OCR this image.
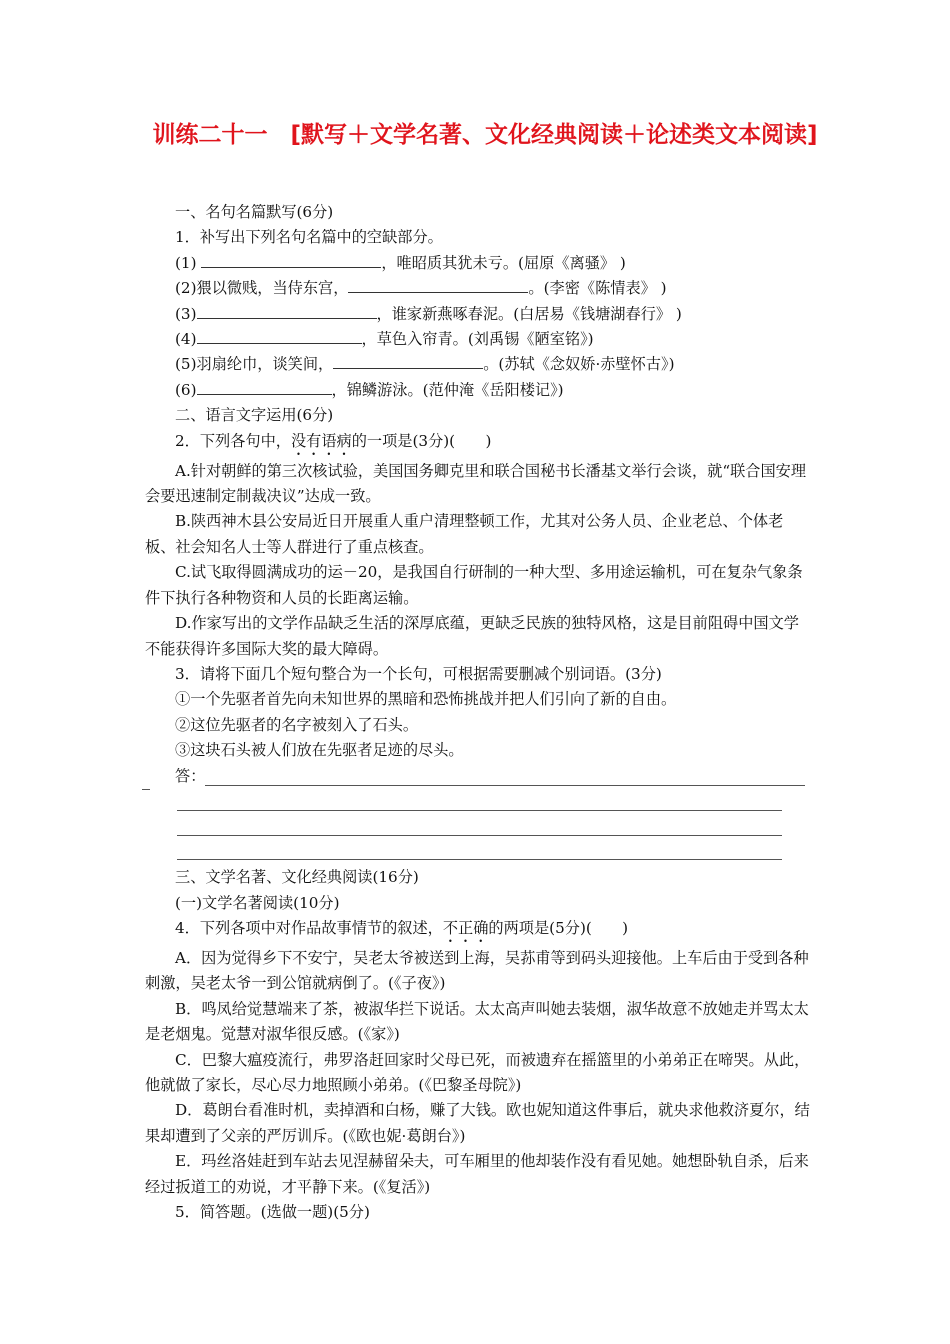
训练二十一　[默写＋文学名著、文化经典阅读＋论述类文本阅读]

一、名句名篇默写(6分)

1．补写出下列名句名篇中的空缺部分。

(1)	，唯昭质其犹未亏。(屈原《离骚》 )

(2)猥以微贱，当侍东宫，	。(李密《陈情表》 )

(3)	，谁家新燕啄春泥。(白居易《钱塘湖春行》 )

(4)	，草色入帘青。(刘禹锡《陋室铭》)

(5)羽扇纶巾，谈笑间，	。(苏轼《念奴娇·赤壁怀古》)

(6)	，锦鳞游泳。(范仲淹《岳阳楼记》)

二、语言文字运用(6分)

2．下列各句中，没有语病的一项是(3分)(　　)

A.针对朝鲜的第三次核试验，美国国务卿克里和联合国秘书长潘基文举行会谈，就“联合国安理会要迅速制定制裁决议”达成一致。

B.陕西神木县公安局近日开展重人重户清理整顿工作，尤其对公务人员、企业老总、个体老板、社会知名人士等人群进行了重点核查。

C.试飞取得圆满成功的运－20，是我国自行研制的一种大型、多用途运输机，可在复杂气象条件下执行各种物资和人员的长距离运输。

D.作家写出的文学作品缺乏生活的深厚底蕴，更缺乏民族的独特风格，这是目前阻碍中国文学不能获得许多国际大奖的最大障碍。

3．请将下面几个短句整合为一个长句，可根据需要删减个别词语。(3分)

①一个先驱者首先向未知世界的黑暗和恐怖挑战并把人们引向了新的自由。

②这位先驱者的名字被刻入了石头。

③这块石头被人们放在先驱者足迹的尽头。

答：

三、文学名著、文化经典阅读(16分)

(一)文学名著阅读(10分)

4．下列各项中对作品故事情节的叙述，不正确的两项是(5分)(　　)

A．因为觉得乡下不安宁，吴老太爷被送到上海，吴荪甫等到码头迎接他。上车后由于受到各种刺激，吴老太爷一到公馆就病倒了。(《子夜》)

B．鸣凤给觉慧端来了茶，被淑华拦下说话。太太高声叫她去装烟，淑华故意不放她走并骂太太是老烟鬼。觉慧对淑华很反感。(《家》)

C．巴黎大瘟疫流行，弗罗洛赶回家时父母已死，而被遗弃在摇篮里的小弟弟正在啼哭。从此，他就做了家长，尽心尽力地照顾小弟弟。(《巴黎圣母院》)

D．葛朗台看准时机，卖掉酒和白杨，赚了大钱。欧也妮知道这件事后，就央求他救济夏尔，结果却遭到了父亲的严厉训斥。(《欧也妮·葛朗台》)

E．玛丝洛娃赶到车站去见涅赫留朵夫，可车厢里的他却装作没有看见她。她想卧轨自杀，后来经过扳道工的劝说，才平静下来。(《复活》)

5．简答题。(选做一题)(5分)
